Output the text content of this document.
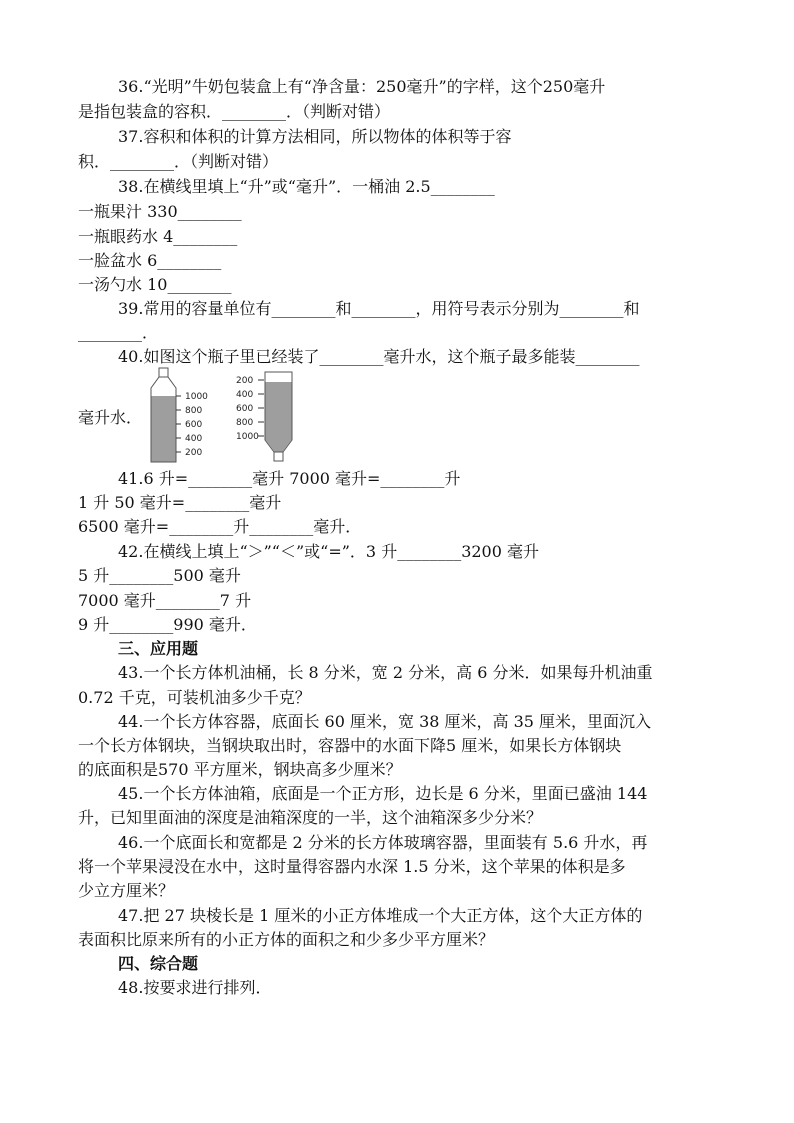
36.“光明”牛奶包装盒上有“净含量：250毫升”的字样，这个250毫升
是指包装盒的容积．________．（判断对错）
37.容积和体积的计算方法相同，所以物体的体积等于容
积．________．（判断对错）
38.在横线里填上“升”或“毫升”．一桶油 2.5________
一瓶果汁 330________
一瓶眼药水 4________
一脸盆水 6________
一汤勺水 10________
39.常用的容量单位有________和________，用符号表示分别为________和
________．
40.如图这个瓶子里已经装了________毫升水，这个瓶子最多能装________
毫升水．
1000
800
600
400
200
200
400
600
800
1000
41.6 升=________毫升 7000 毫升=________升
1 升 50 毫升=________毫升
6500 毫升=________升________毫升．
42.在横线上填上“＞”“＜”或“=”．3 升________3200 毫升
5 升________500 毫升
7000 毫升________7 升
9 升________990 毫升．
三、应用题
43.一个长方体机油桶，长 8 分米，宽 2 分米，高 6 分米．如果每升机油重
0.72 千克，可装机油多少千克？
44.一个长方体容器，底面长 60 厘米，宽 38 厘米，高 35 厘米，里面沉入
一个长方体钢块，当钢块取出时，容器中的水面下降5 厘米，如果长方体钢块
的底面积是570 平方厘米，钢块高多少厘米？
45.一个长方体油箱，底面是一个正方形，边长是 6 分米，里面已盛油 144
升，已知里面油的深度是油箱深度的一半，这个油箱深多少分米？
46.一个底面长和宽都是 2 分米的长方体玻璃容器，里面装有 5.6 升水，再
将一个苹果浸没在水中，这时量得容器内水深 1.5 分米，这个苹果的体积是多
少立方厘米？
47.把 27 块棱长是 1 厘米的小正方体堆成一个大正方体，这个大正方体的
表面积比原来所有的小正方体的面积之和少多少平方厘米？
四、综合题
48.按要求进行排列．
